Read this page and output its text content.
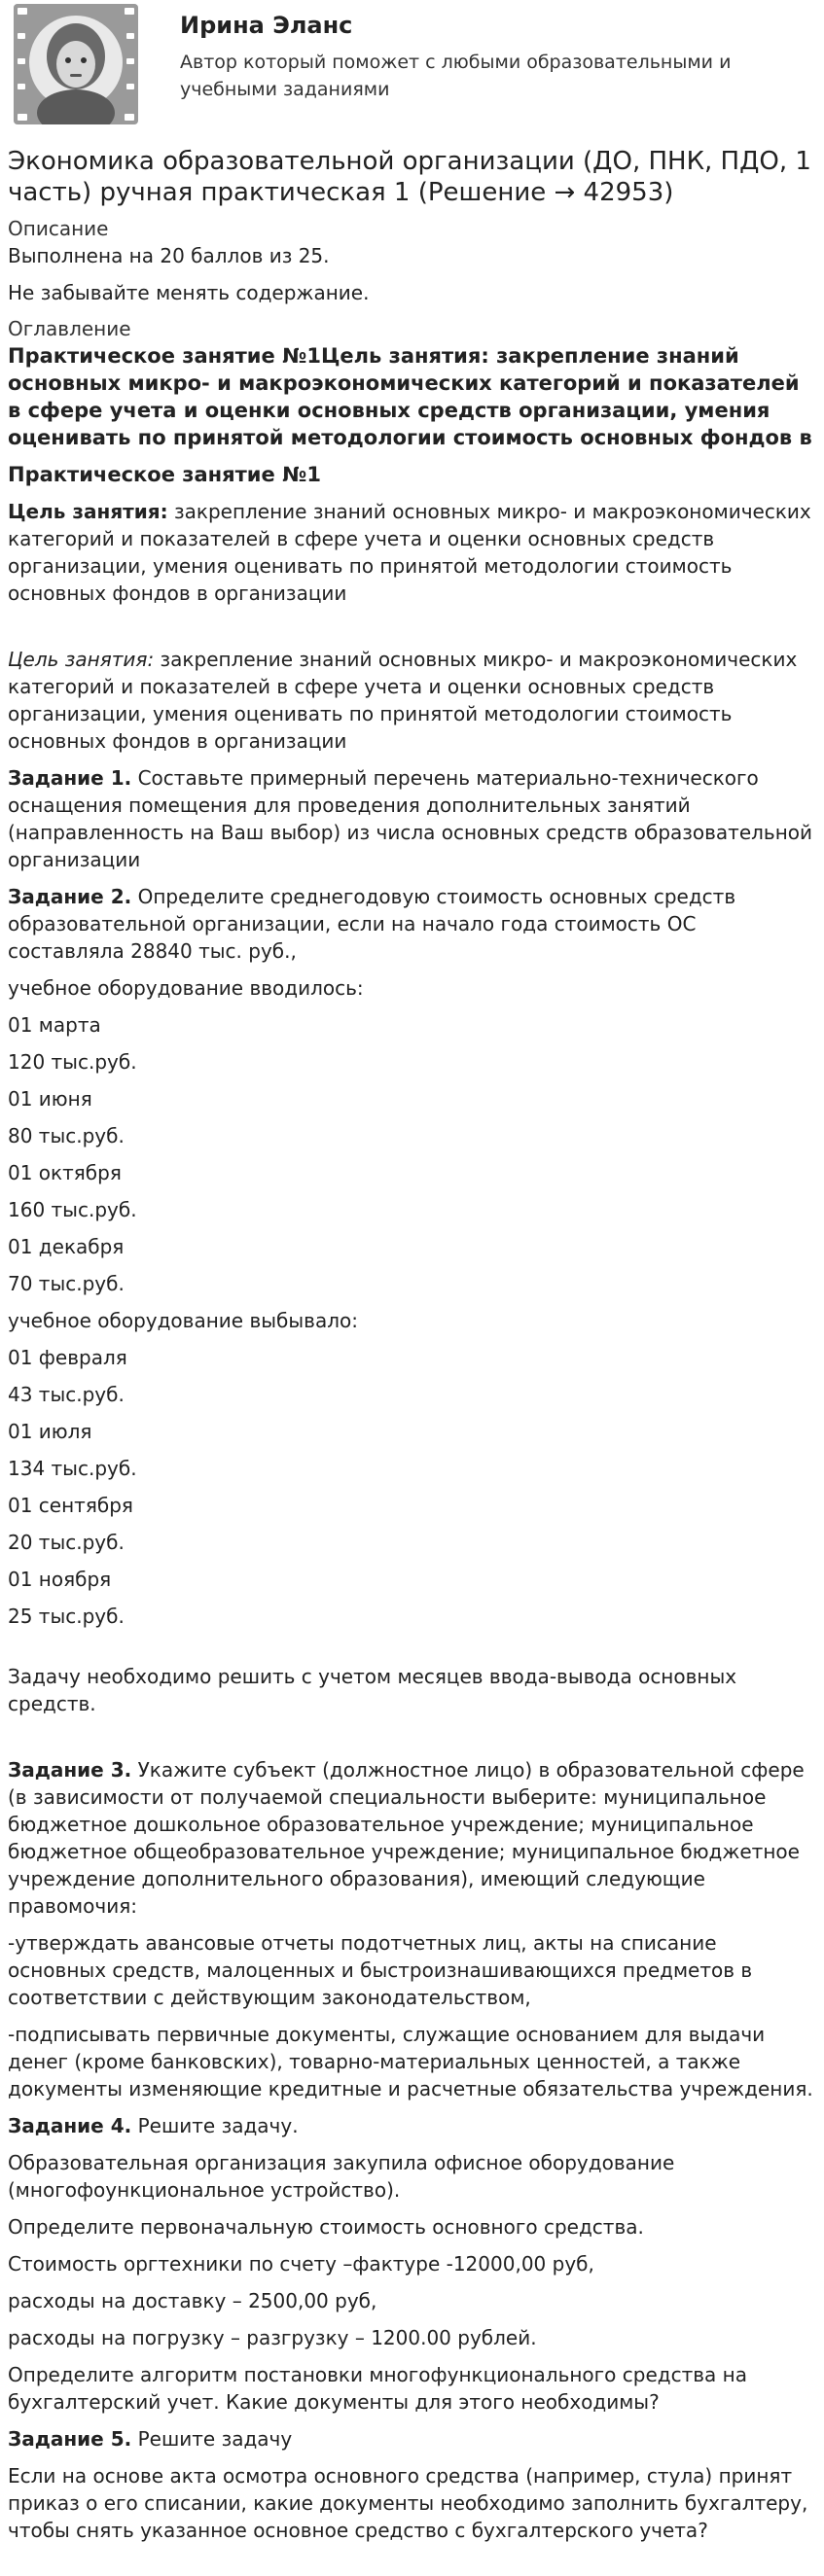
Ирина Эланс

Автор который поможет с любыми образовательными и учебными заданиями

Экономика образовательной организации (ДО, ПНК, ПДО, 1 часть) ручная практическая 1 (Решение → 42953)

Описание

Выполнена на 20 баллов из 25.

Не забывайте менять содержание.

Оглавление

Практическое занятие №1Цель занятия: закрепление знаний основных микро- и макроэкономических категорий и показателей в сфере учета и оценки основных средств организации, умения оценивать по принятой методологии стоимость основных фондов в

Практическое занятие №1

Цель занятия: закрепление знаний основных микро- и макроэкономических категорий и показателей в сфере учета и оценки основных средств организации, умения оценивать по принятой методологии стоимость основных фондов в организации

Цель занятия: закрепление знаний основных микро- и макроэкономических категорий и показателей в сфере учета и оценки основных средств организации, умения оценивать по принятой методологии стоимость основных фондов в организации

Задание 1. Составьте примерный перечень материально-технического оснащения помещения для проведения дополнительных занятий (направленность на Ваш выбор) из числа основных средств образовательной организации

Задание 2. Определите среднегодовую стоимость основных средств образовательной организации, если на начало года стоимость ОС составляла 28840 тыс. руб.,

учебное оборудование вводилось:

01 марта

120 тыс.руб.

01 июня

80 тыс.руб.

01 октября

160 тыс.руб.

01 декабря

70 тыс.руб.

учебное оборудование выбывало:

01 февраля

43 тыс.руб.

01 июля

134 тыс.руб.

01 сентября

20 тыс.руб.

01 ноября

25 тыс.руб.

Задачу необходимо решить с учетом месяцев ввода-вывода основных средств.

Задание 3. Укажите субъект (должностное лицо) в образовательной сфере (в зависимости от получаемой специальности выберите: муниципальное бюджетное дошкольное образовательное учреждение; муниципальное бюджетное общеобразовательное учреждение; муниципальное бюджетное учреждение дополнительного образования), имеющий следующие правомочия:

-утверждать авансовые отчеты подотчетных лиц, акты на списание основных средств, малоценных и быстроизнашивающихся предметов в соответствии с действующим законодательством,

-подписывать первичные документы, служащие основанием для выдачи денег (кроме банковских), товарно-материальных ценностей, а также документы изменяющие кредитные и расчетные обязательства учреждения.

Задание 4. Решите задачу.

Образовательная организация закупила офисное оборудование (многофоункциональное устройство).

Определите первоначальную стоимость основного средства.

Стоимость оргтехники по счету –фактуре -12000,00 руб,

расходы на доставку – 2500,00 руб,

расходы на погрузку – разгрузку – 1200.00 рублей.

Определите алгоритм постановки многофункционального средства на бухгалтерский учет. Какие документы для этого необходимы?

Задание 5. Решите задачу

Если на основе акта осмотра основного средства (например, стула) принят приказ о его списании, какие документы необходимо заполнить бухгалтеру, чтобы снять указанное основное средство с бухгалтерского учета?
